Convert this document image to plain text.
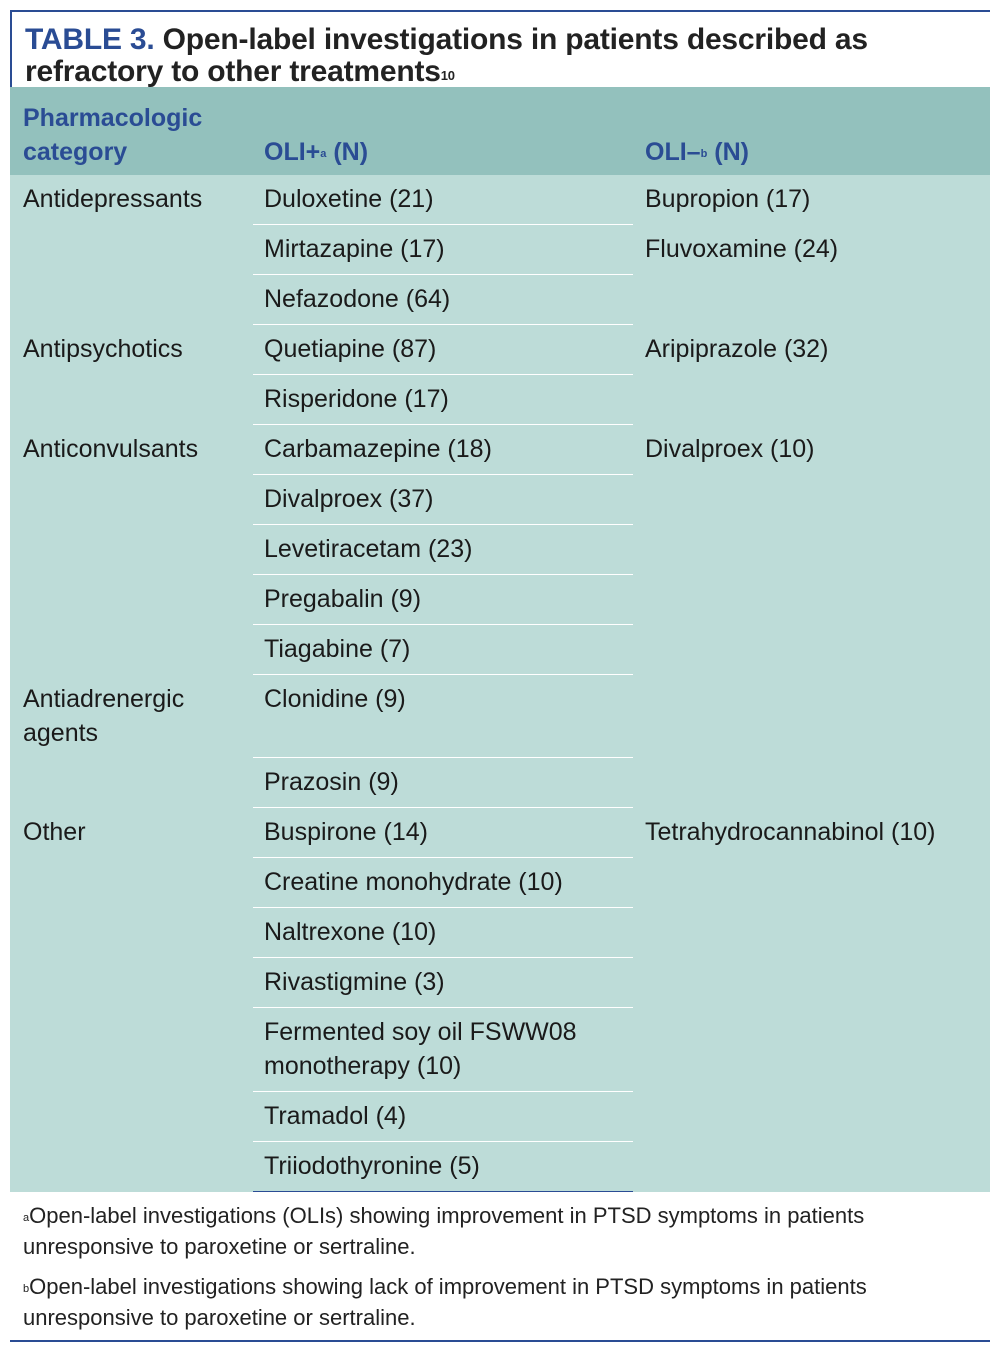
TABLE 3. Open-label investigations in patients described as refractory to other treatments$^{10}$
Pharmacologic category	OLI+$^a$ (N)	OLI–$^b$ (N)
Antidepressants	Duloxetine (21)	Bupropion (17)
	Mirtazapine (17)	Fluvoxamine (24)
	Nefazodone (64)	
Antipsychotics	Quetiapine (87)	Aripiprazole (32)
	Risperidone (17)	
Anticonvulsants	Carbamazepine (18)	Divalproex (10)
	Divalproex (37)	
	Levetiracetam (23)	
	Pregabalin (9)	
	Tiagabine (7)	
Antiadrenergic agents	Clonidine (9)	
	Prazosin (9)	
Other	Buspirone (14)	Tetrahydrocannabinol (10)
	Creatine monohydrate (10)	
	Naltrexone (10)	
	Rivastigmine (3)	
	Fermented soy oil FSWW08 monotherapy (10)	
	Tramadol (4)	
	Triiodothyronine (5)	
$^a$Open-label investigations (OLIs) showing improvement in PTSD symptoms in patients unresponsive to paroxetine or sertraline.
$^b$Open-label investigations showing lack of improvement in PTSD symptoms in patients unresponsive to paroxetine or sertraline.
